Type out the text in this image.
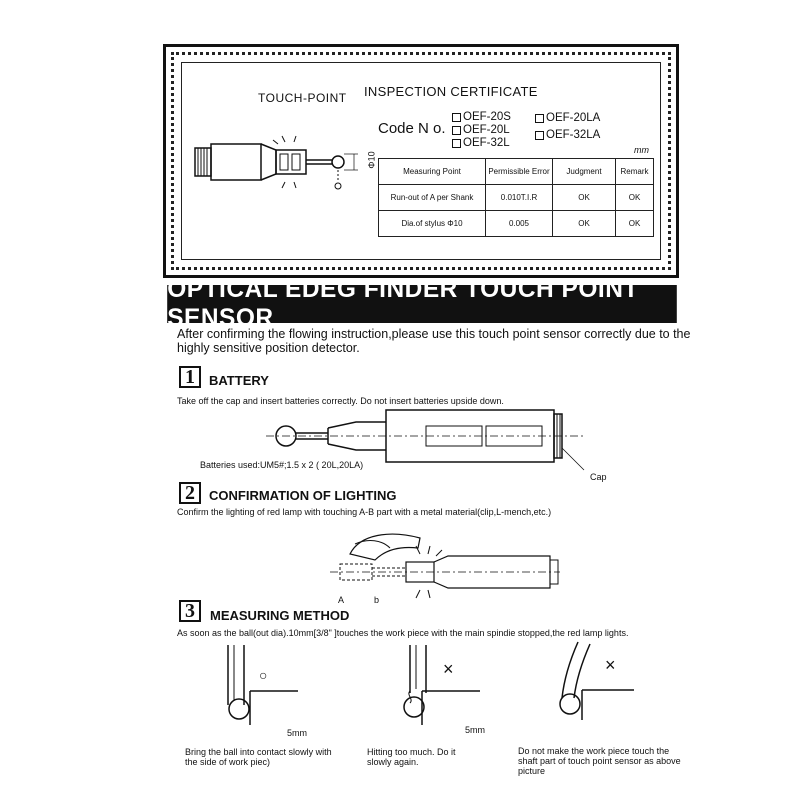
TOUCH-POINT INSPECTION CERTIFICATE
Code N o.
OEF-20S
OEF-20L
OEF-32L
OEF-20LA
OEF-32LA
mm
Φ10
Measuring Point	Permissible Error	Judgment	Remark
Run-out of A per Shank	0.010T.I.R	OK	OK
Dia.of stylus Φ10	0.005	OK	OK
OPTICAL EDEG FINDER TOUCH POINT SENSOR
After confirming the flowing instruction,please use this touch point sensor correctly due to the highly sensitive position detector.
1	BATTERY
Take off the cap and insert batteries correctly. Do not insert batteries upside down.
Batteries used:UM5#;1.5 x 2 ( 20L,20LA)
Cap
2	CONFIRMATION OF LIGHTING
Confirm the lighting of red lamp with touching A-B part with a metal material(clip,L-mench,etc.)
A	b
3	MEASURING METHOD
As soon as the ball(out dia).10mm[3/8" ]touches the work piece with the main spindie stopped,the red lamp lights.
○
5mm
Bring the ball into contact slowly with the side of work piec)
×
5mm
Hitting too much. Do it slowly again.
×
Do not make the work piece touch the shaft part of touch point sensor as above picture
